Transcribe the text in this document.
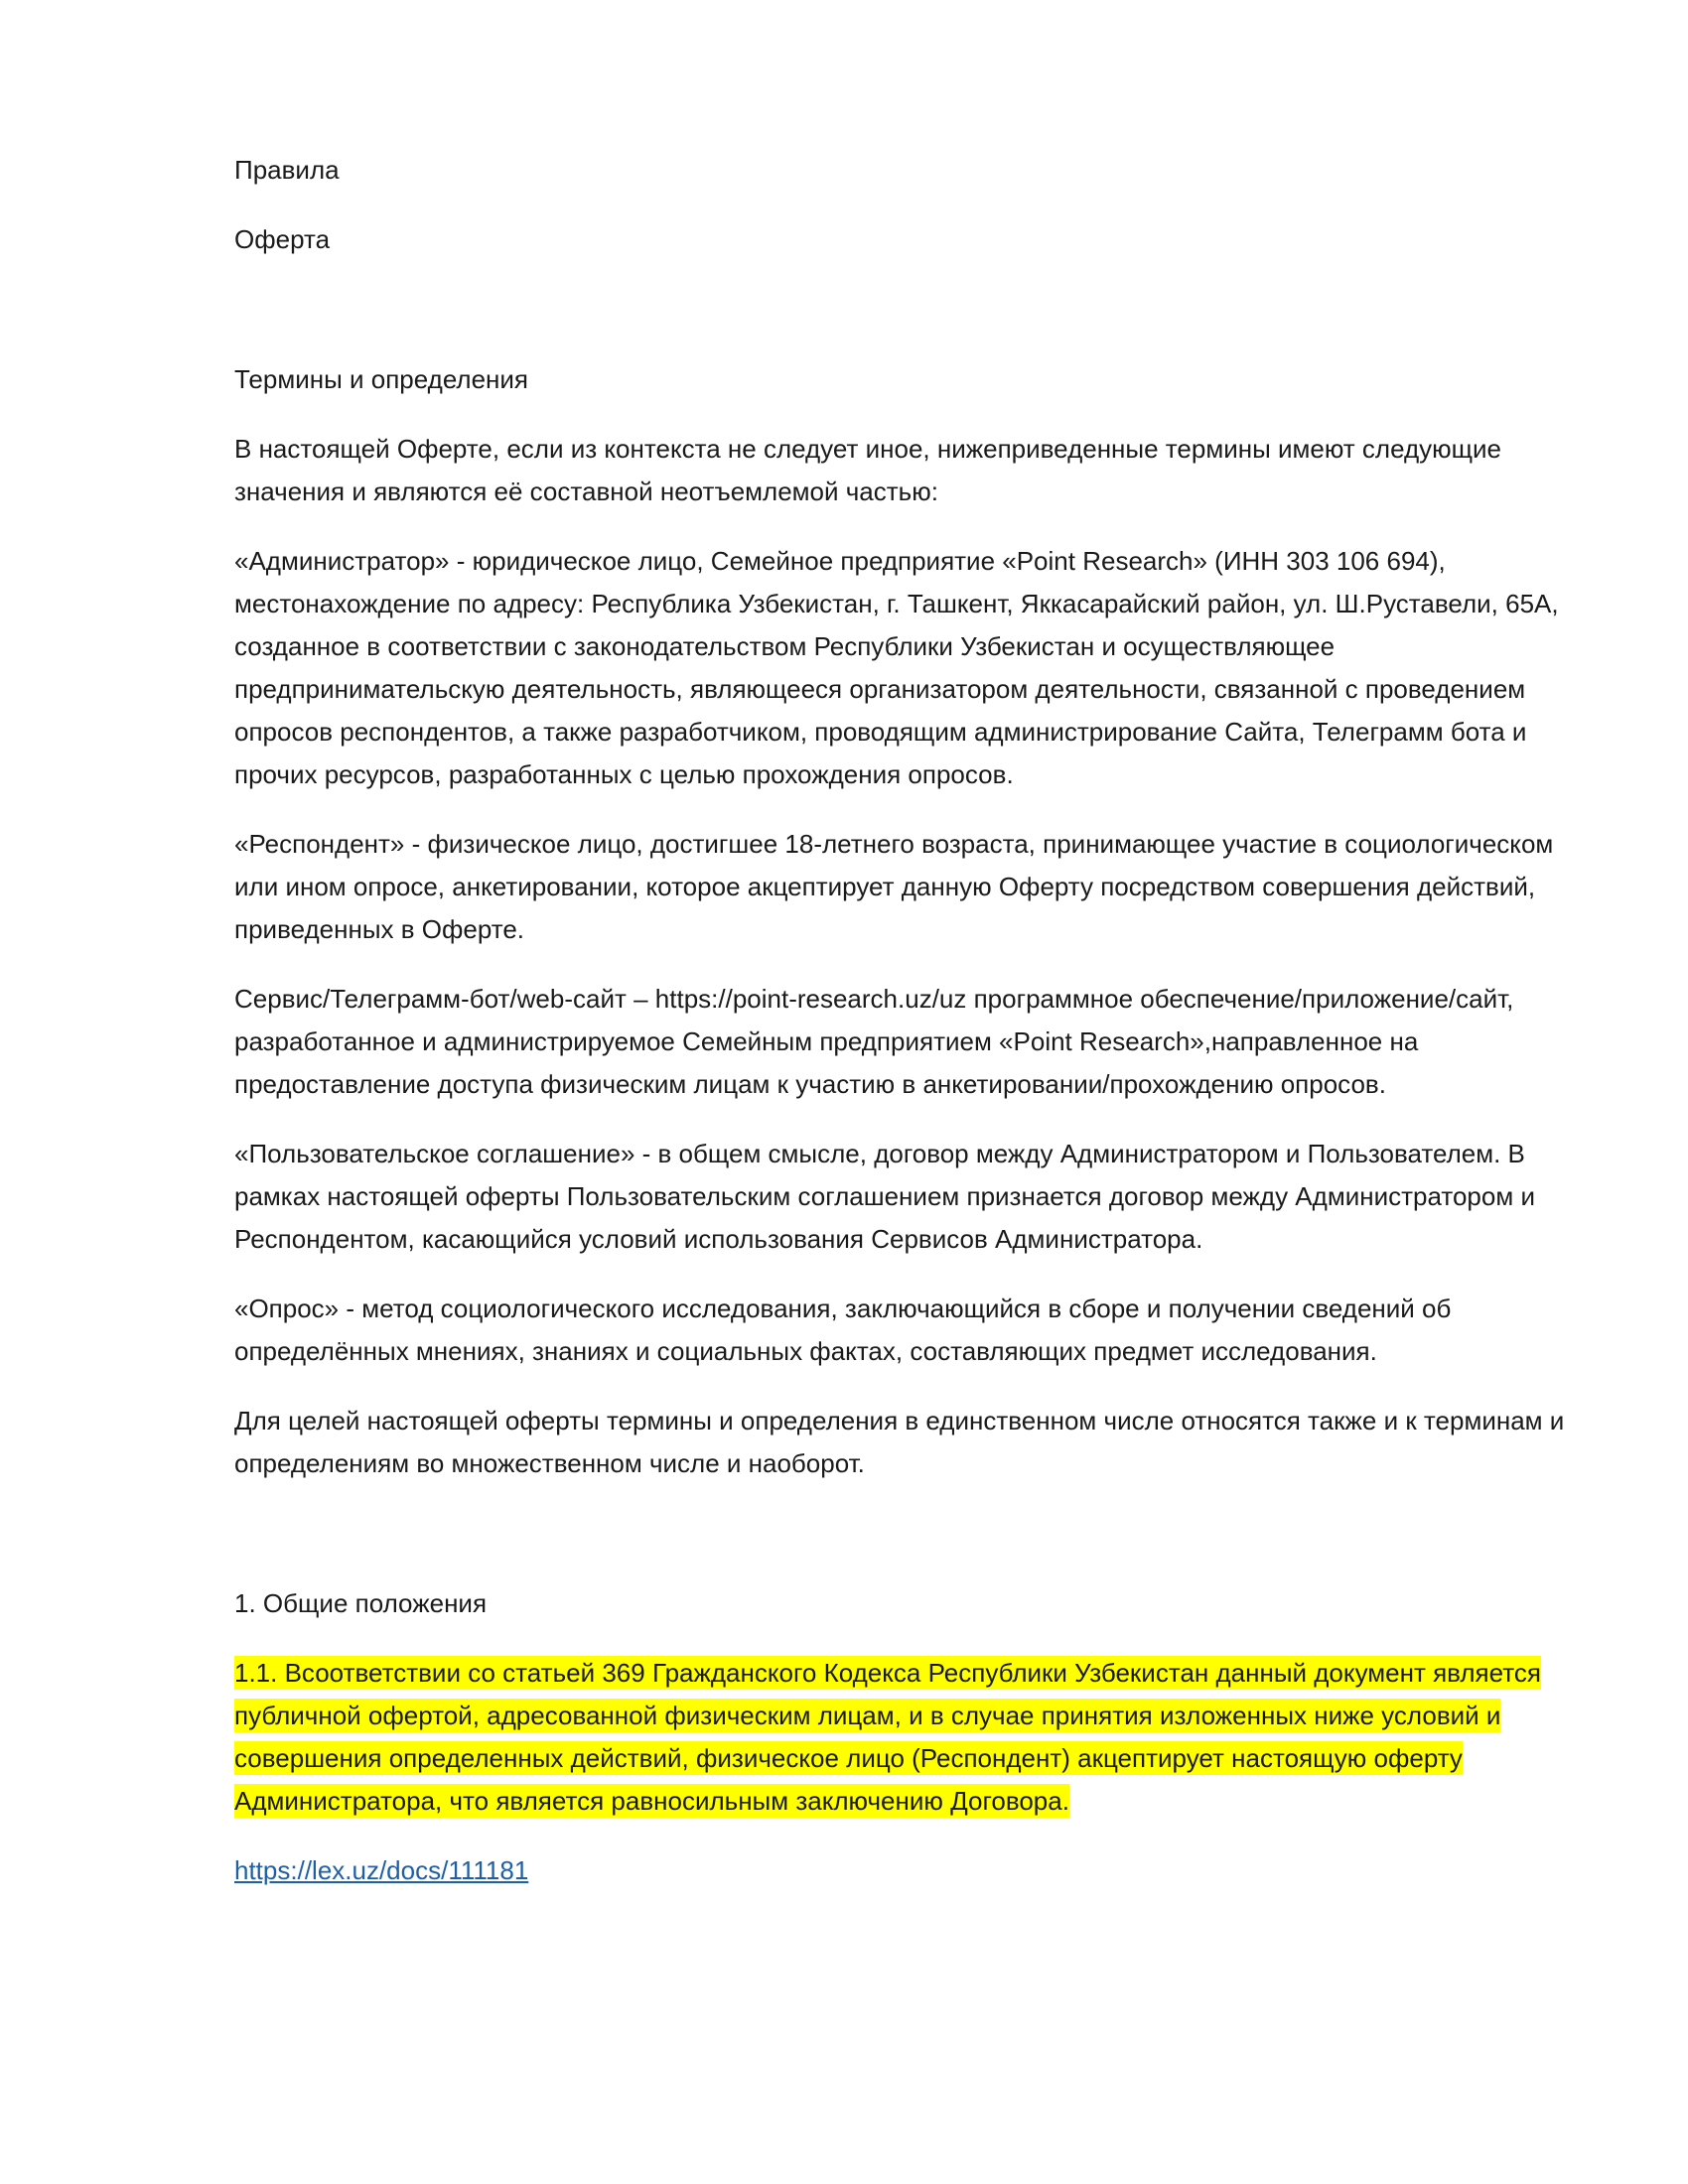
Правила

Оферта

Термины и определения

В настоящей Оферте, если из контекста не следует иное, нижеприведенные термины имеют следующие значения и являются её составной неотъемлемой частью:

«Администратор» - юридическое лицо, Семейное предприятие «Point Research» (ИНН 303 106 694), местонахождение по адресу: Республика Узбекистан, г. Ташкент, Яккасарайский район, ул. Ш.Руставели, 65А, созданное в соответствии с законодательством Республики Узбекистан и осуществляющее предпринимательскую деятельность, являющееся организатором деятельности, связанной с проведением опросов респондентов, а также разработчиком, проводящим администрирование Сайта, Телеграмм бота и прочих ресурсов, разработанных с целью прохождения опросов.

«Респондент» - физическое лицо, достигшее 18-летнего возраста, принимающее участие в социологическом или ином опросе, анкетировании, которое акцептирует данную Оферту посредством совершения действий, приведенных в Оферте.

Сервис/Телеграмм-бот/web-сайт – https://point-research.uz/uz программное обеспечение/приложение/сайт, разработанное и администрируемое Семейным предприятием «Point Research»,направленное на предоставление доступа физическим лицам к участию в анкетировании/прохождению опросов.

«Пользовательское соглашение» - в общем смысле, договор между Администратором и Пользователем. В рамках настоящей оферты Пользовательским соглашением признается договор между Администратором и Респондентом, касающийся условий использования Сервисов Администратора.

«Опрос» - метод социологического исследования, заключающийся в сборе и получении сведений об определённых мнениях, знаниях и социальных фактах, составляющих предмет исследования.

Для целей настоящей оферты термины и определения в единственном числе относятся также и к терминам и определениям во множественном числе и наоборот.

1. Общие положения

1.1. Всоответствии со статьей 369 Гражданского Кодекса Республики Узбекистан данный документ является публичной офертой, адресованной физическим лицам, и в случае принятия изложенных ниже условий и совершения определенных действий, физическое лицо (Респондент) акцептирует настоящую оферту Администратора, что является равносильным заключению Договора.

https://lex.uz/docs/111181
